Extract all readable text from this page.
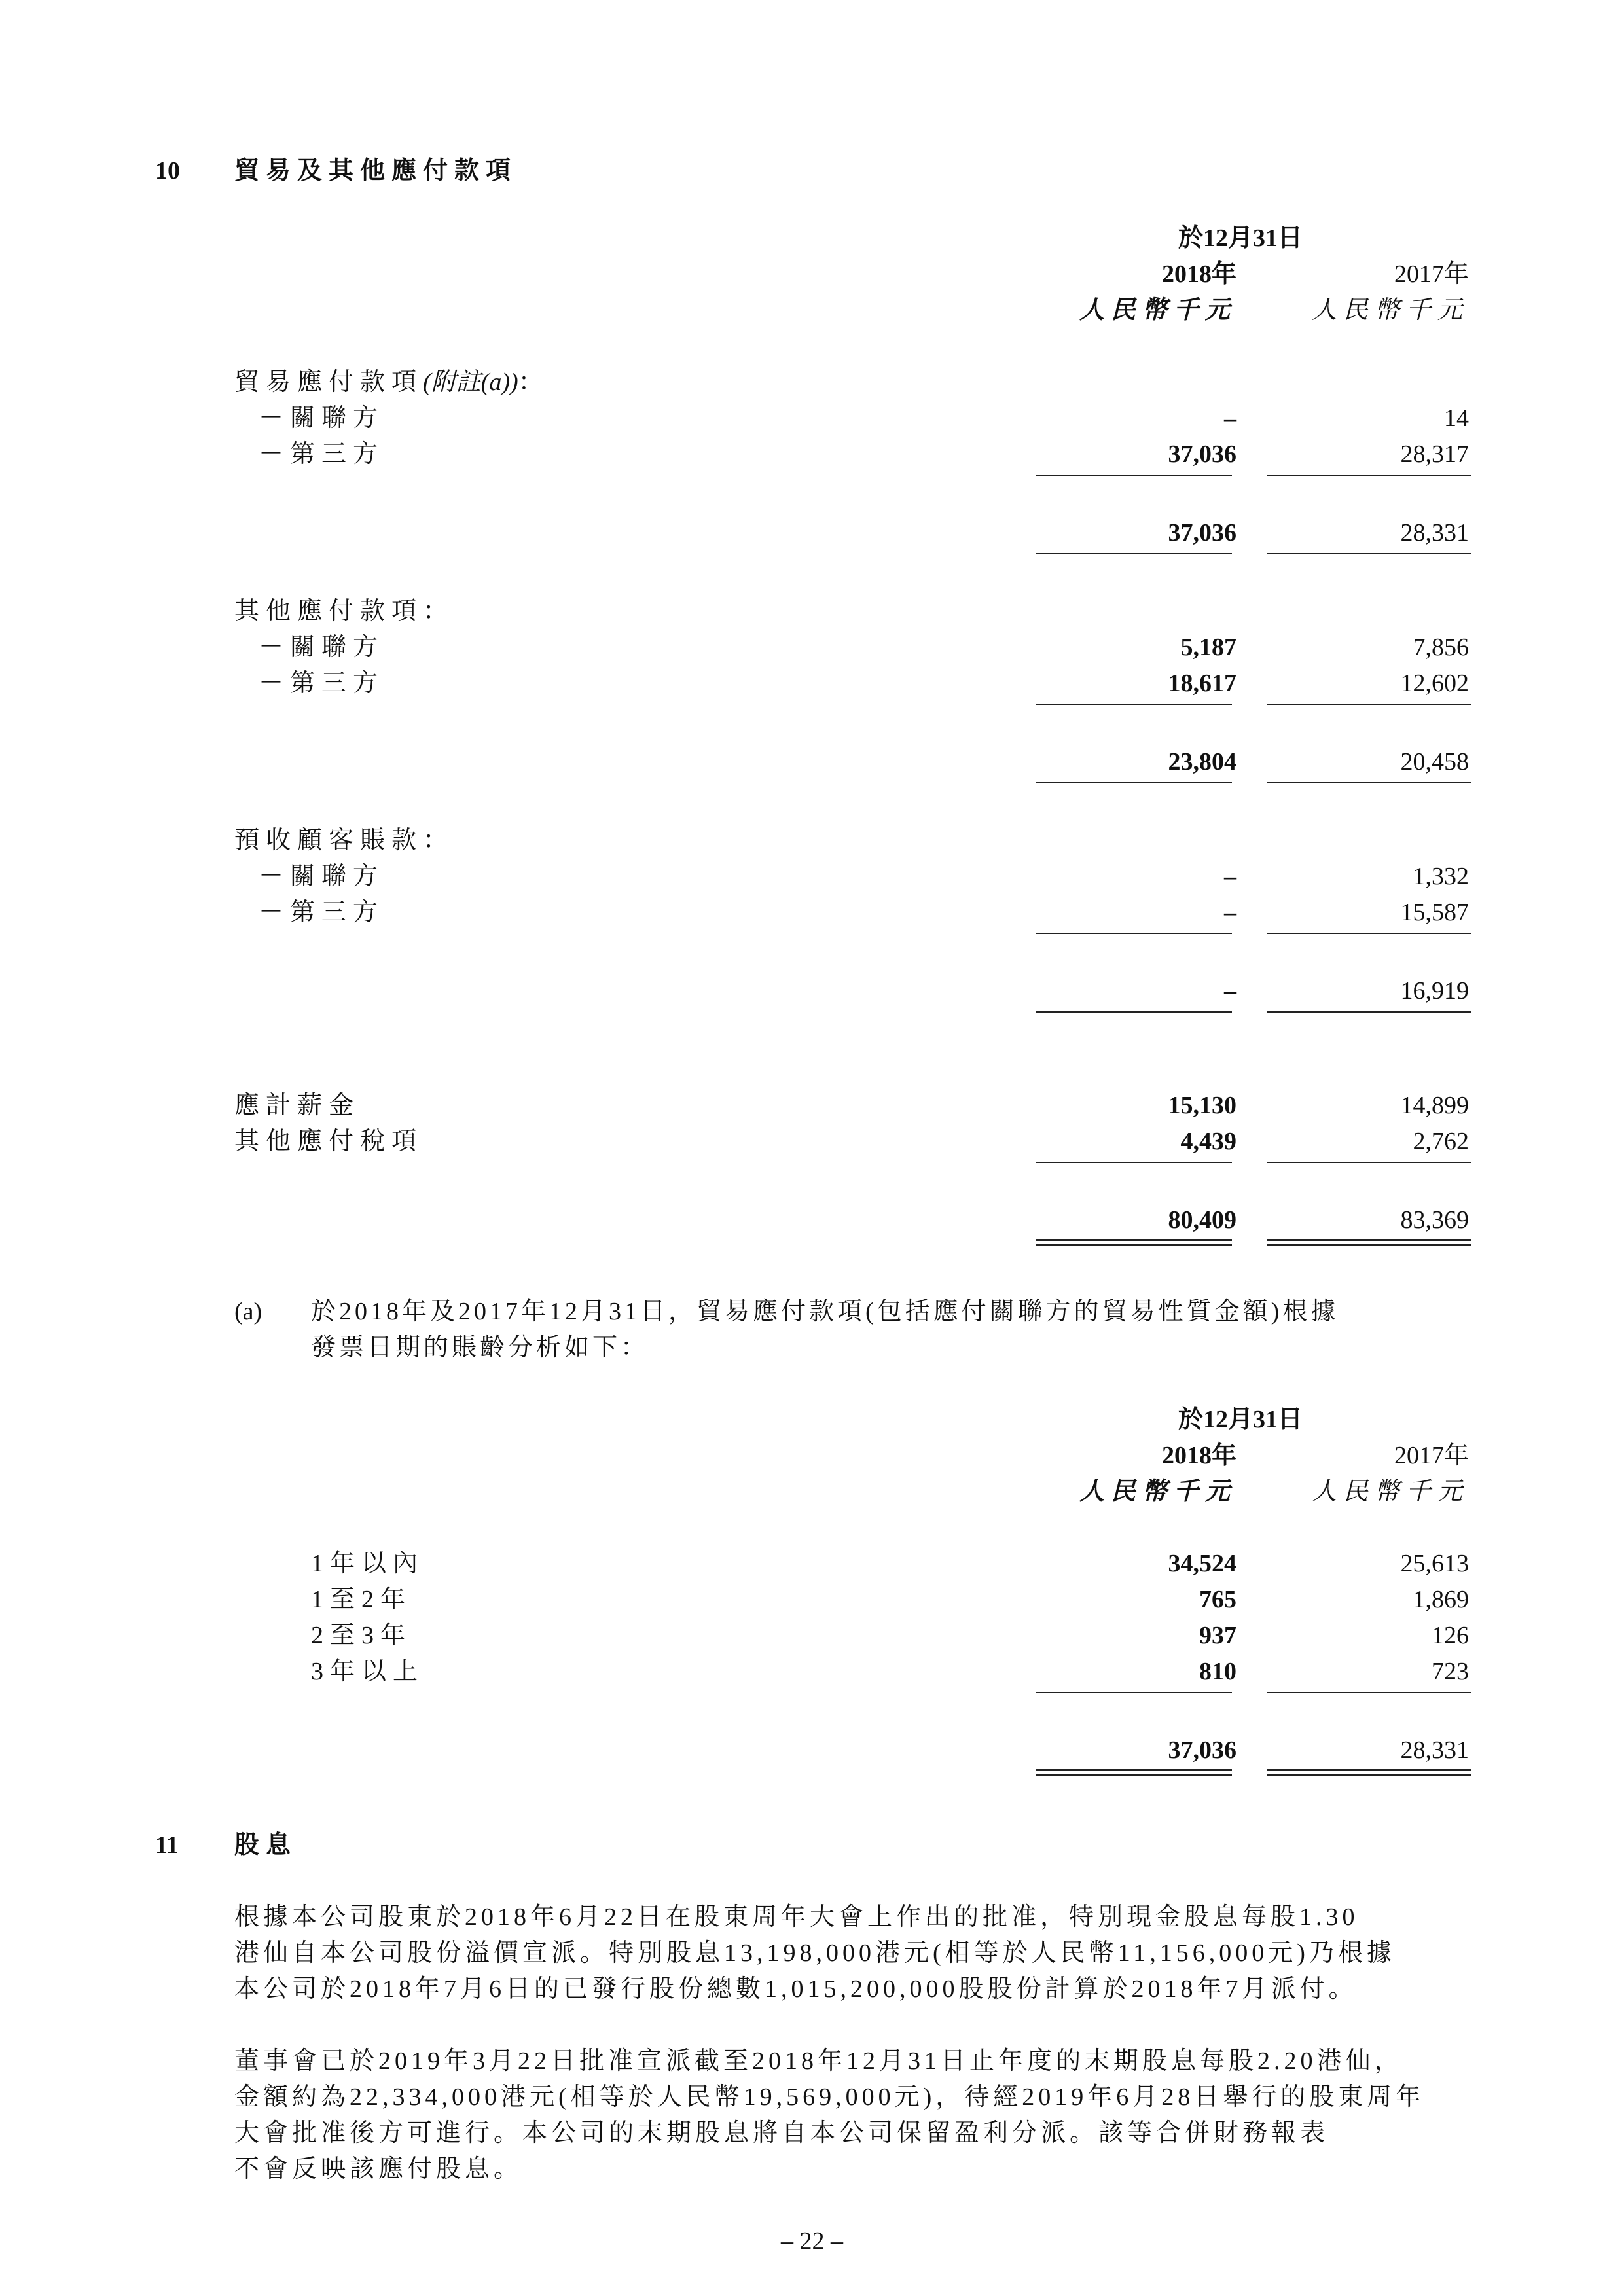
10 貿易及其他應付款項
於12月31日
2018年	2017年
人民幣千元	人民幣千元
貿易應付款項(附註(a))：
－關聯方	–	14
－第三方	37,036	28,317
37,036	28,331
其他應付款項：
－關聯方	5,187	7,856
－第三方	18,617	12,602
23,804	20,458
預收顧客賬款：
－關聯方	–	1,332
－第三方	–	15,587
–	16,919
應計薪金	15,130	14,899
其他應付稅項	4,439	2,762
80,409	83,369
(a) 於2018年及2017年12月31日，貿易應付款項(包括應付關聯方的貿易性質金額)根據
發票日期的賬齡分析如下：
於12月31日
2018年	2017年
人民幣千元	人民幣千元
1年以內	34,524	25,613
1至2年	765	1,869
2至3年	937	126
3年以上	810	723
37,036	28,331
11 股息
根據本公司股東於2018年6月22日在股東周年大會上作出的批准，特別現金股息每股1.30
港仙自本公司股份溢價宣派。特別股息13,198,000港元(相等於人民幣11,156,000元)乃根據
本公司於2018年7月6日的已發行股份總數1,015,200,000股股份計算於2018年7月派付。
董事會已於2019年3月22日批准宣派截至2018年12月31日止年度的末期股息每股2.20港仙，
金額約為22,334,000港元(相等於人民幣19,569,000元)，待經2019年6月28日舉行的股東周年
大會批准後方可進行。本公司的末期股息將自本公司保留盈利分派。該等合併財務報表
不會反映該應付股息。
– 22 –
